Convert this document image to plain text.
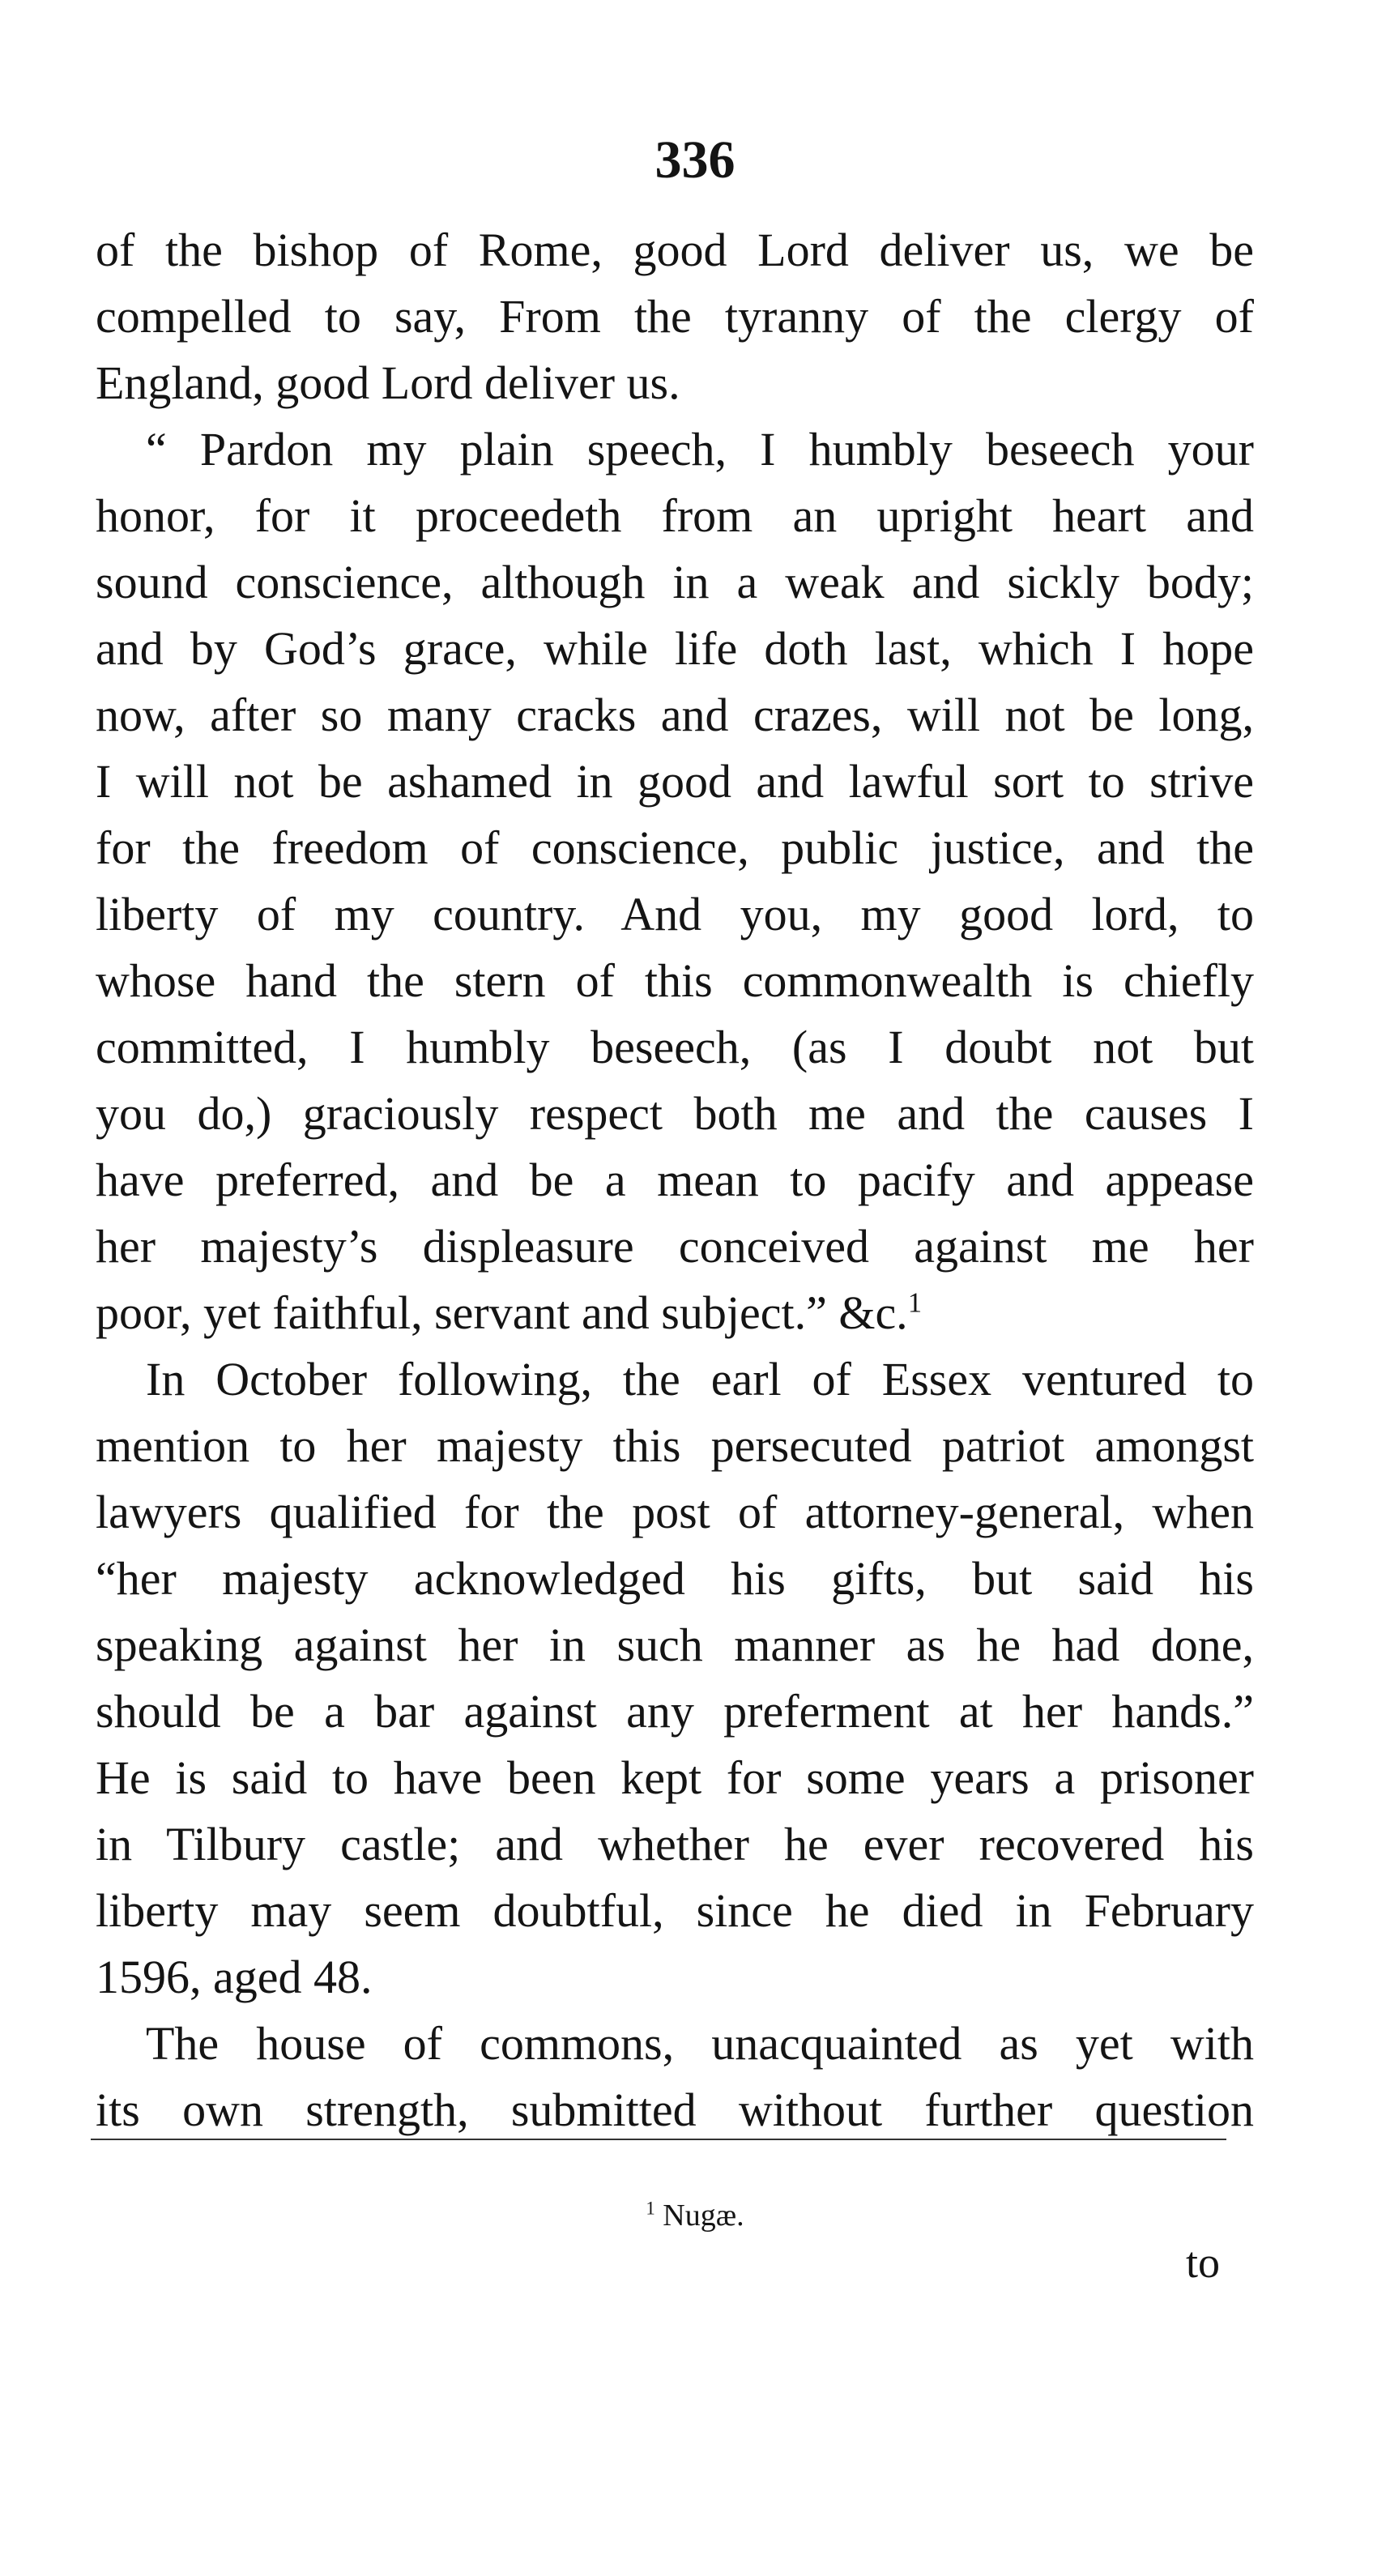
336
of the bishop of Rome, good Lord deliver us, we be
compelled to say, From the tyranny of the clergy of
England, good Lord deliver us.
“ Pardon my plain speech, I humbly beseech your
honor, for it proceedeth from an upright heart and
sound conscience, although in a weak and sickly body;
and by God’s grace, while life doth last, which I hope
now, after so many cracks and crazes, will not be long,
I will not be ashamed in good and lawful sort to strive
for the freedom of conscience, public justice, and the
liberty of my country. And you, my good lord, to
whose hand the stern of this commonwealth is chiefly
committed, I humbly beseech, (as I doubt not but
you do,) graciously respect both me and the causes I
have preferred, and be a mean to pacify and appease
her majesty’s displeasure conceived against me her
poor, yet faithful, servant and subject.” &c.$^1$
In October following, the earl of Essex ventured to
mention to her majesty this persecuted patriot amongst
lawyers qualified for the post of attorney-general, when
“her majesty acknowledged his gifts, but said his
speaking against her in such manner as he had done,
should be a bar against any preferment at her hands.”
He is said to have been kept for some years a prisoner
in Tilbury castle; and whether he ever recovered his
liberty may seem doubtful, since he died in February
1596, aged 48.
The house of commons, unacquainted as yet with
its own strength, submitted without further question
$^1$ Nugæ.
to
